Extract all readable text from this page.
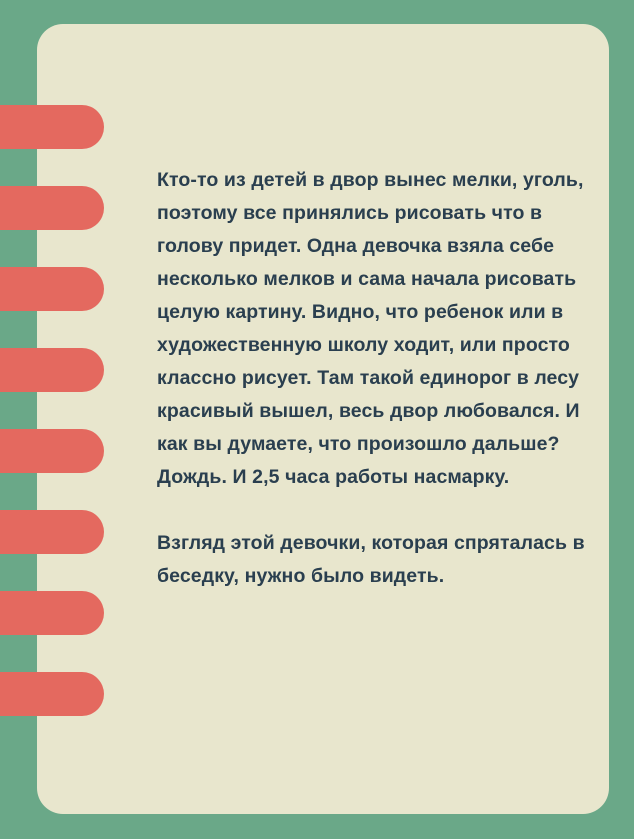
Кто-то из детей в двор вынес мелки, уголь, поэтому все принялись рисовать что в голову придет. Одна девочка взяла себе несколько мелков и сама начала рисовать целую картину. Видно, что ребенок или в художественную школу ходит, или просто классно рисует. Там такой единорог в лесу красивый вышел, весь двор любовался. И как вы думаете, что произошло дальше? Дождь. И 2,5 часа работы насмарку.

Взгляд этой девочки, которая спряталась в беседку, нужно было видеть.
